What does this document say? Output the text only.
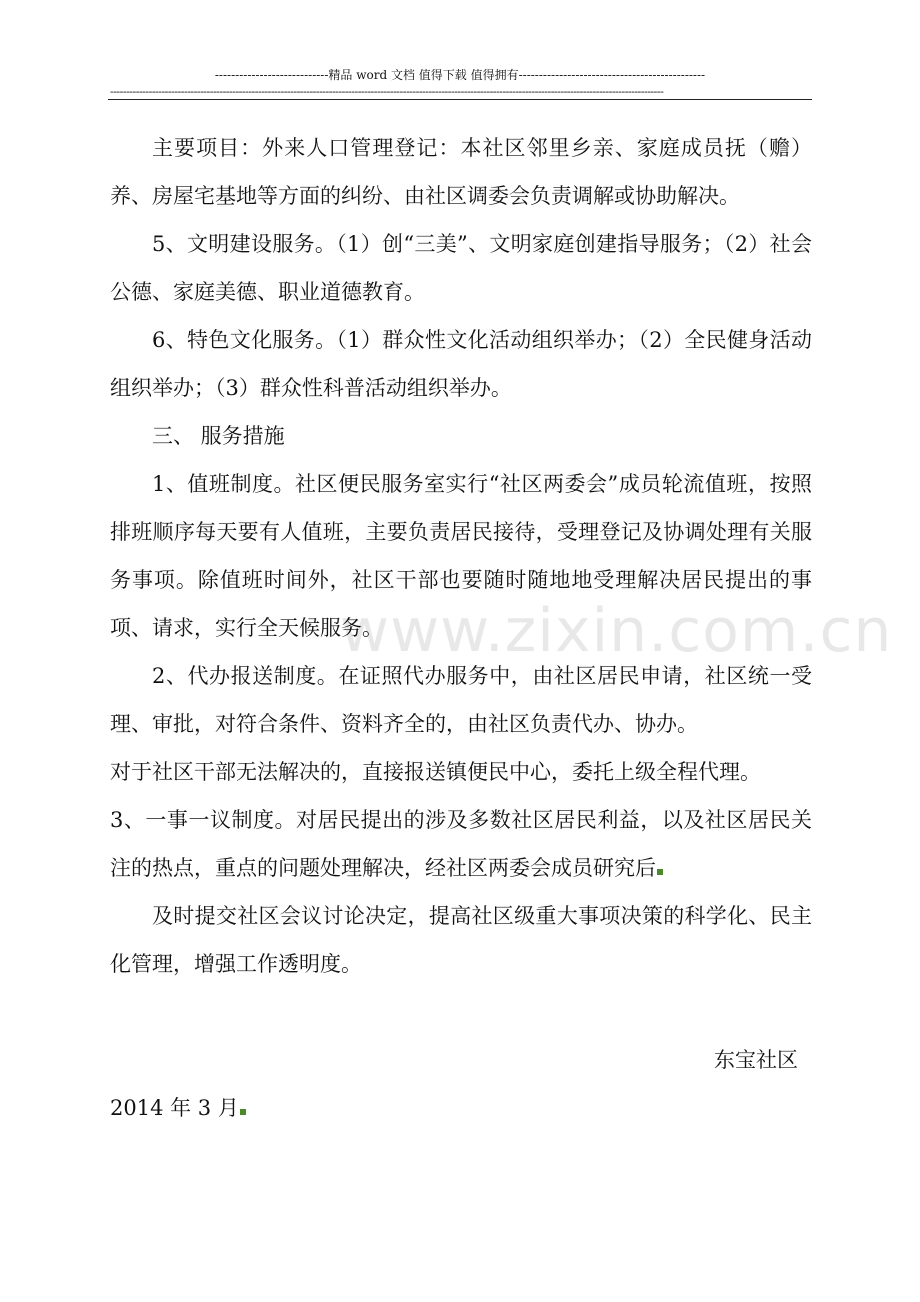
----------------------------精品 word 文档 值得下载 值得拥有----------------------------------------------
----------------------------------------------------------------------------------------------------------------------------------------------------------------------------
www.zixin.com.cn

主要项目：外来人口管理登记：本社区邻里乡亲、家庭成员抚（赡）养、房屋宅基地等方面的纠纷、由社区调委会负责调解或协助解决。

5、文明建设服务。（1）创“三美”、文明家庭创建指导服务；（2）社会公德、家庭美德、职业道德教育。

6、特色文化服务。（1）群众性文化活动组织举办；（2）全民健身活动组织举办；（3）群众性科普活动组织举办。

三、 服务措施

1、值班制度。社区便民服务室实行“社区两委会”成员轮流值班，按照排班顺序每天要有人值班，主要负责居民接待，受理登记及协调处理有关服务事项。除值班时间外，社区干部也要随时随地地受理解决居民提出的事项、请求，实行全天候服务。

2、代办报送制度。在证照代办服务中，由社区居民申请，社区统一受理、审批，对符合条件、资料齐全的，由社区负责代办、协办。

对于社区干部无法解决的，直接报送镇便民中心，委托上级全程代理。

3、一事一议制度。对居民提出的涉及多数社区居民利益，以及社区居民关注的热点，重点的问题处理解决，经社区两委会成员研究后

及时提交社区会议讨论决定，提高社区级重大事项决策的科学化、民主化管理，增强工作透明度。

东宝社区

2014 年 3 月
